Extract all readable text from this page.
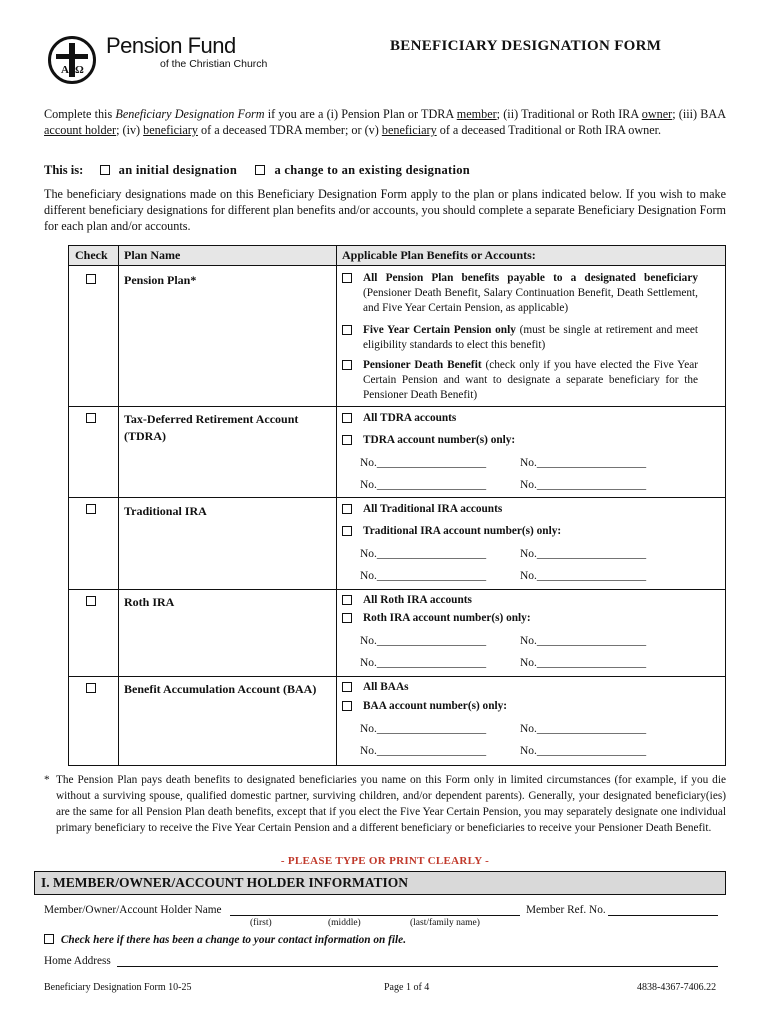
A Ω
Pension Fund
of the Christian Church
BENEFICIARY DESIGNATION FORM
Complete this Beneficiary Designation Form if you are a (i) Pension Plan or TDRA member; (ii) Traditional or Roth IRA owner; (iii) BAA account holder; (iv) beneficiary of a deceased TDRA member; or (v) beneficiary of a deceased Traditional or Roth IRA owner.
This is:	an initial designation	a change to an existing designation
The beneficiary designations made on this Beneficiary Designation Form apply to the plan or plans indicated below. If you wish to make different beneficiary designations for different plan benefits and/or accounts, you should complete a separate Beneficiary Designation Form for each plan and/or accounts.
Check Plan Name	Applicable Plan Benefits or Accounts:
Pension Plan*	All Pension Plan benefits payable to a designated beneficiary (Pensioner Death Benefit, Salary Continuation Benefit, Death Settlement, and Five Year Certain Pension, as applicable)
Five Year Certain Pension only (must be single at retirement and meet eligibility standards to elect this benefit)
Pensioner Death Benefit (check only if you have elected the Five Year Certain Pension and want to designate a separate beneficiary for the Pensioner Death Benefit)
Tax-Deferred Retirement Account (TDRA)
All TDRA accounts
TDRA account number(s) only:
No.___________________	No.___________________
No.___________________	No.___________________
Traditional IRA	All Traditional IRA accounts
Traditional IRA account number(s) only:
No.___________________	No.___________________
No.___________________	No.___________________
Roth IRA	All Roth IRA accounts
Roth IRA account number(s) only:
No.___________________	No.___________________
No.___________________	No.___________________
Benefit Accumulation Account (BAA)	All BAAs
BAA account number(s) only:
No.___________________	No.___________________
No.___________________	No.___________________
* The Pension Plan pays death benefits to designated beneficiaries you name on this Form only in limited circumstances (for example, if you die without a surviving spouse, qualified domestic partner, surviving children, and/or dependent parents). Generally, your designated beneficiary(ies) are the same for all Pension Plan death benefits, except that if you elect the Five Year Certain Pension, you may separately designate one individual primary beneficiary to receive the Five Year Certain Pension and a different beneficiary or beneficiaries to receive your Pensioner Death Benefit.
- PLEASE TYPE OR PRINT CLEARLY -
I. MEMBER/OWNER/ACCOUNT HOLDER INFORMATION
Member/Owner/Account Holder Name
(first)	(middle)	(last/family name)
Member Ref. No.
Check here if there has been a change to your contact information on file.
Home Address
Beneficiary Designation Form 10-25	Page 1 of 4	4838-4367-7406.22
